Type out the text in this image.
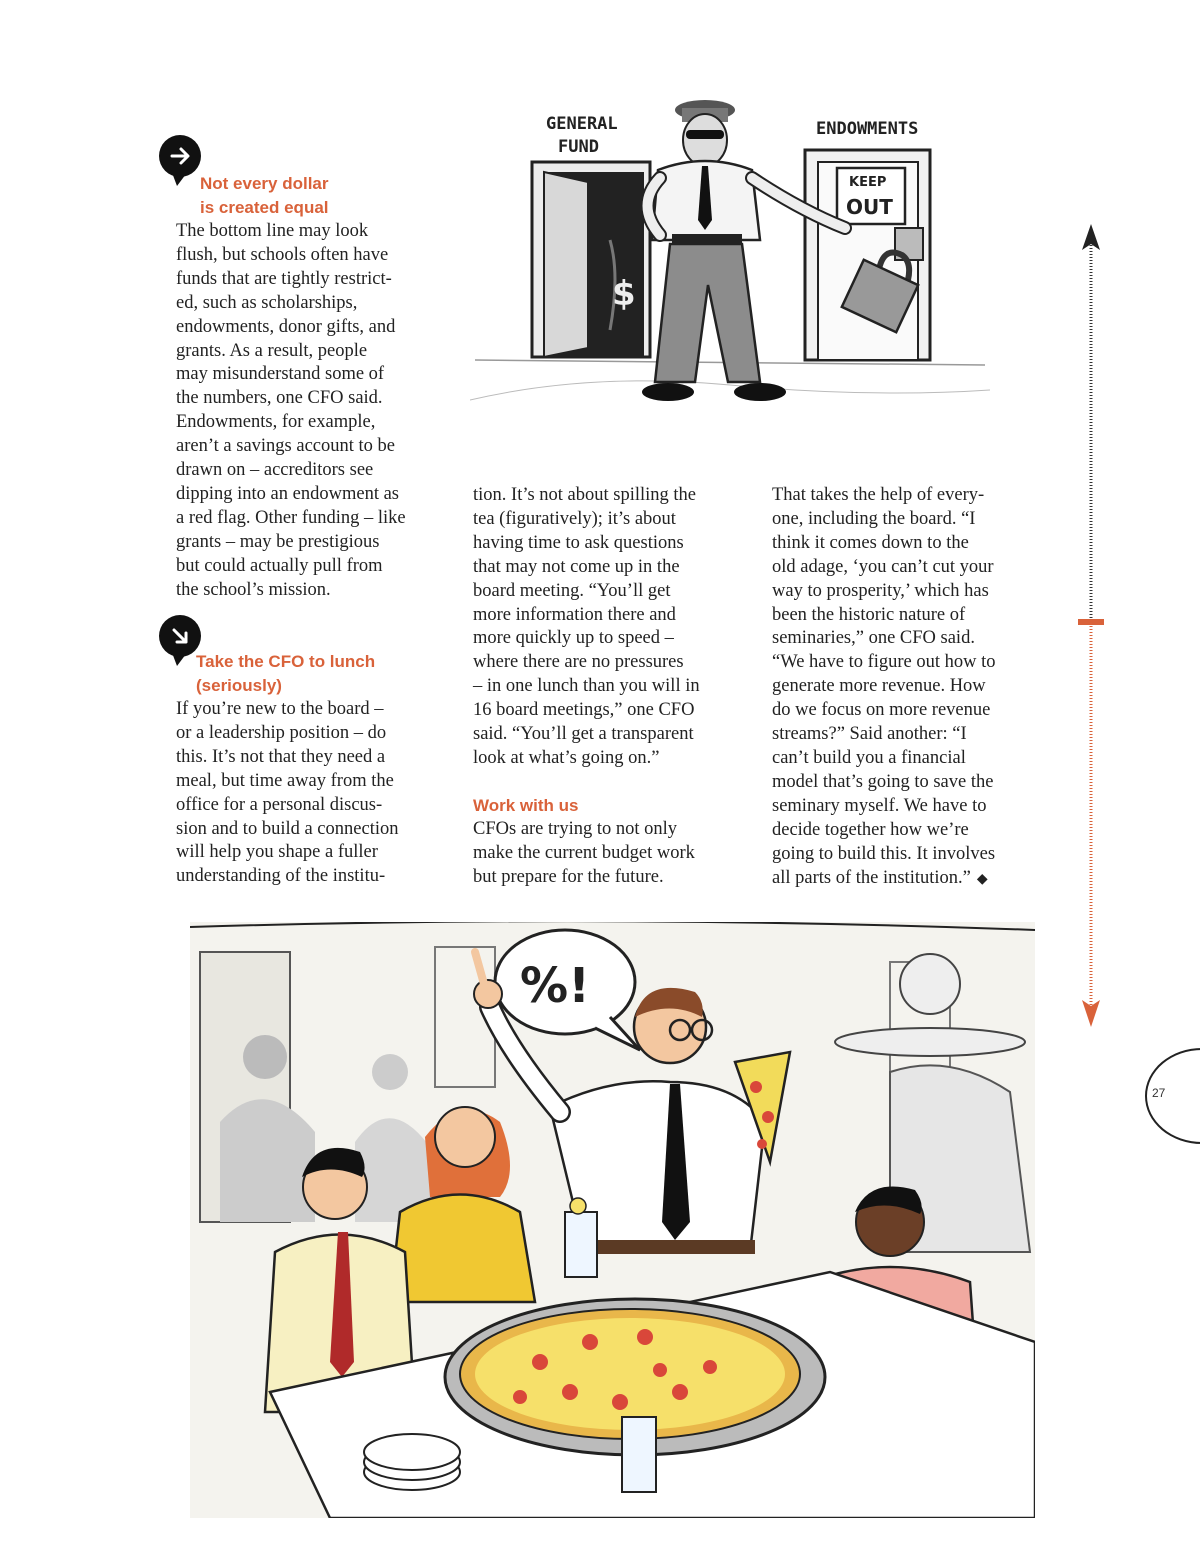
Not every dollar
is created equal

The bottom line may look
flush, but schools often have
funds that are tightly restrict-
ed, such as scholarships,
endowments, donor gifts, and
grants. As a result, people
may misunderstand some of
the numbers, one CFO said.
Endowments, for example,
aren’t a savings account to be
drawn on – accreditors see
dipping into an endowment as
a red flag. Other funding – like
grants – may be prestigious
but could actually pull from
the school’s mission.

Take the CFO to lunch
(seriously)

If you’re new to the board –
or a leadership position – do
this. It’s not that they need a
meal, but time away from the
office for a personal discus-
sion and to build a connection
will help you shape a fuller
understanding of the institu-

tion. It’s not about spilling the
tea (figuratively); it’s about
having time to ask questions
that may not come up in the
board meeting. “You’ll get
more information there and
more quickly up to speed –
where there are no pressures
– in one lunch than you will in
16 board meetings,” one CFO
said. “You’ll get a transparent
look at what’s going on.”

Work with us

CFOs are trying to not only
make the current budget work
but prepare for the future.

That takes the help of every-
one, including the board. “I
think it comes down to the
old adage, ‘you can’t cut your
way to prosperity,’ which has
been the historic nature of
seminaries,” one CFO said.
“We have to figure out how to
generate more revenue. How
do we focus on more revenue
streams?” Said another: “I
can’t build you a financial
model that’s going to save the
seminary myself. We have to
decide together how we’re
going to build this. It involves
all parts of the institution.” ◆

$
GENERAL FUND
KEEP OUT
ENDOWMENTS
%!
27
